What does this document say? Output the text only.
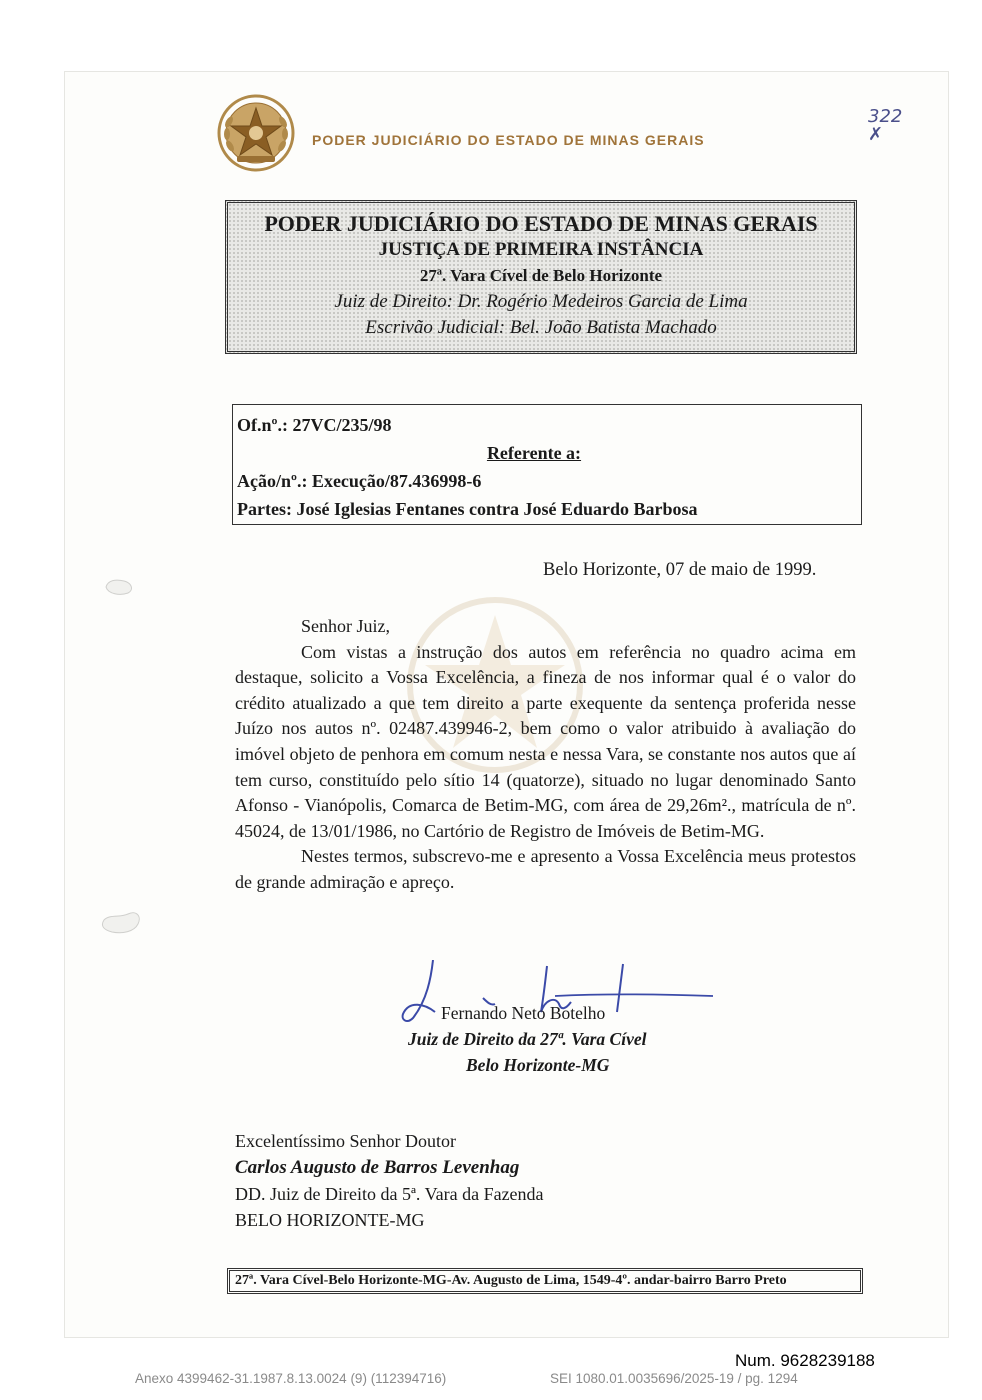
PODER JUDICIÁRIO DO ESTADO DE MINAS GERAIS
322
✗
PODER JUDICIÁRIO DO ESTADO DE MINAS GERAIS
JUSTIÇA DE PRIMEIRA INSTÂNCIA
27ª. Vara Cível de Belo Horizonte
Juiz de Direito: Dr. Rogério Medeiros Garcia de Lima
Escrivão Judicial: Bel. João Batista Machado
Of.nº.: 27VC/235/98
Referente a:
Ação/nº.: Execução/87.436998-6
Partes: José Iglesias Fentanes contra José Eduardo Barbosa
Belo Horizonte, 07 de maio de 1999.

Senhor Juiz,

Com vistas a instrução dos autos em referência no quadro acima em destaque, solicito a Vossa Excelência, a fineza de nos informar qual é o valor do crédito atualizado a que tem direito a parte exequente da sentença proferida nesse Juízo nos autos nº. 02487.439946-2, bem como o valor atribuido à avaliação do imóvel objeto de penhora em comum nesta e nessa Vara, se constante nos autos que aí tem curso, constituído pelo sítio 14 (quatorze), situado no lugar denominado Santo Afonso - Vianópolis, Comarca de Betim-MG, com área de 29,26m²., matrícula de nº. 45024, de 13/01/1986, no Cartório de Registro de Imóveis de Betim-MG.

Nestes termos, subscrevo-me e apresento a Vossa Excelência meus protestos de grande admiração e apreço.

Fernando Neto Botelho
Juiz de Direito da 27ª. Vara Cível
Belo Horizonte-MG
Excelentíssimo Senhor Doutor
Carlos Augusto de Barros Levenhag
DD. Juiz de Direito da 5ª. Vara da Fazenda
BELO HORIZONTE-MG
27ª. Vara Cível-Belo Horizonte-MG-Av. Augusto de Lima, 1549-4º. andar-bairro Barro Preto
Num. 9628239188
Anexo 4399462-31.1987.8.13.0024 (9) (112394716)	SEI 1080.01.0035696/2025-19 / pg. 1294
